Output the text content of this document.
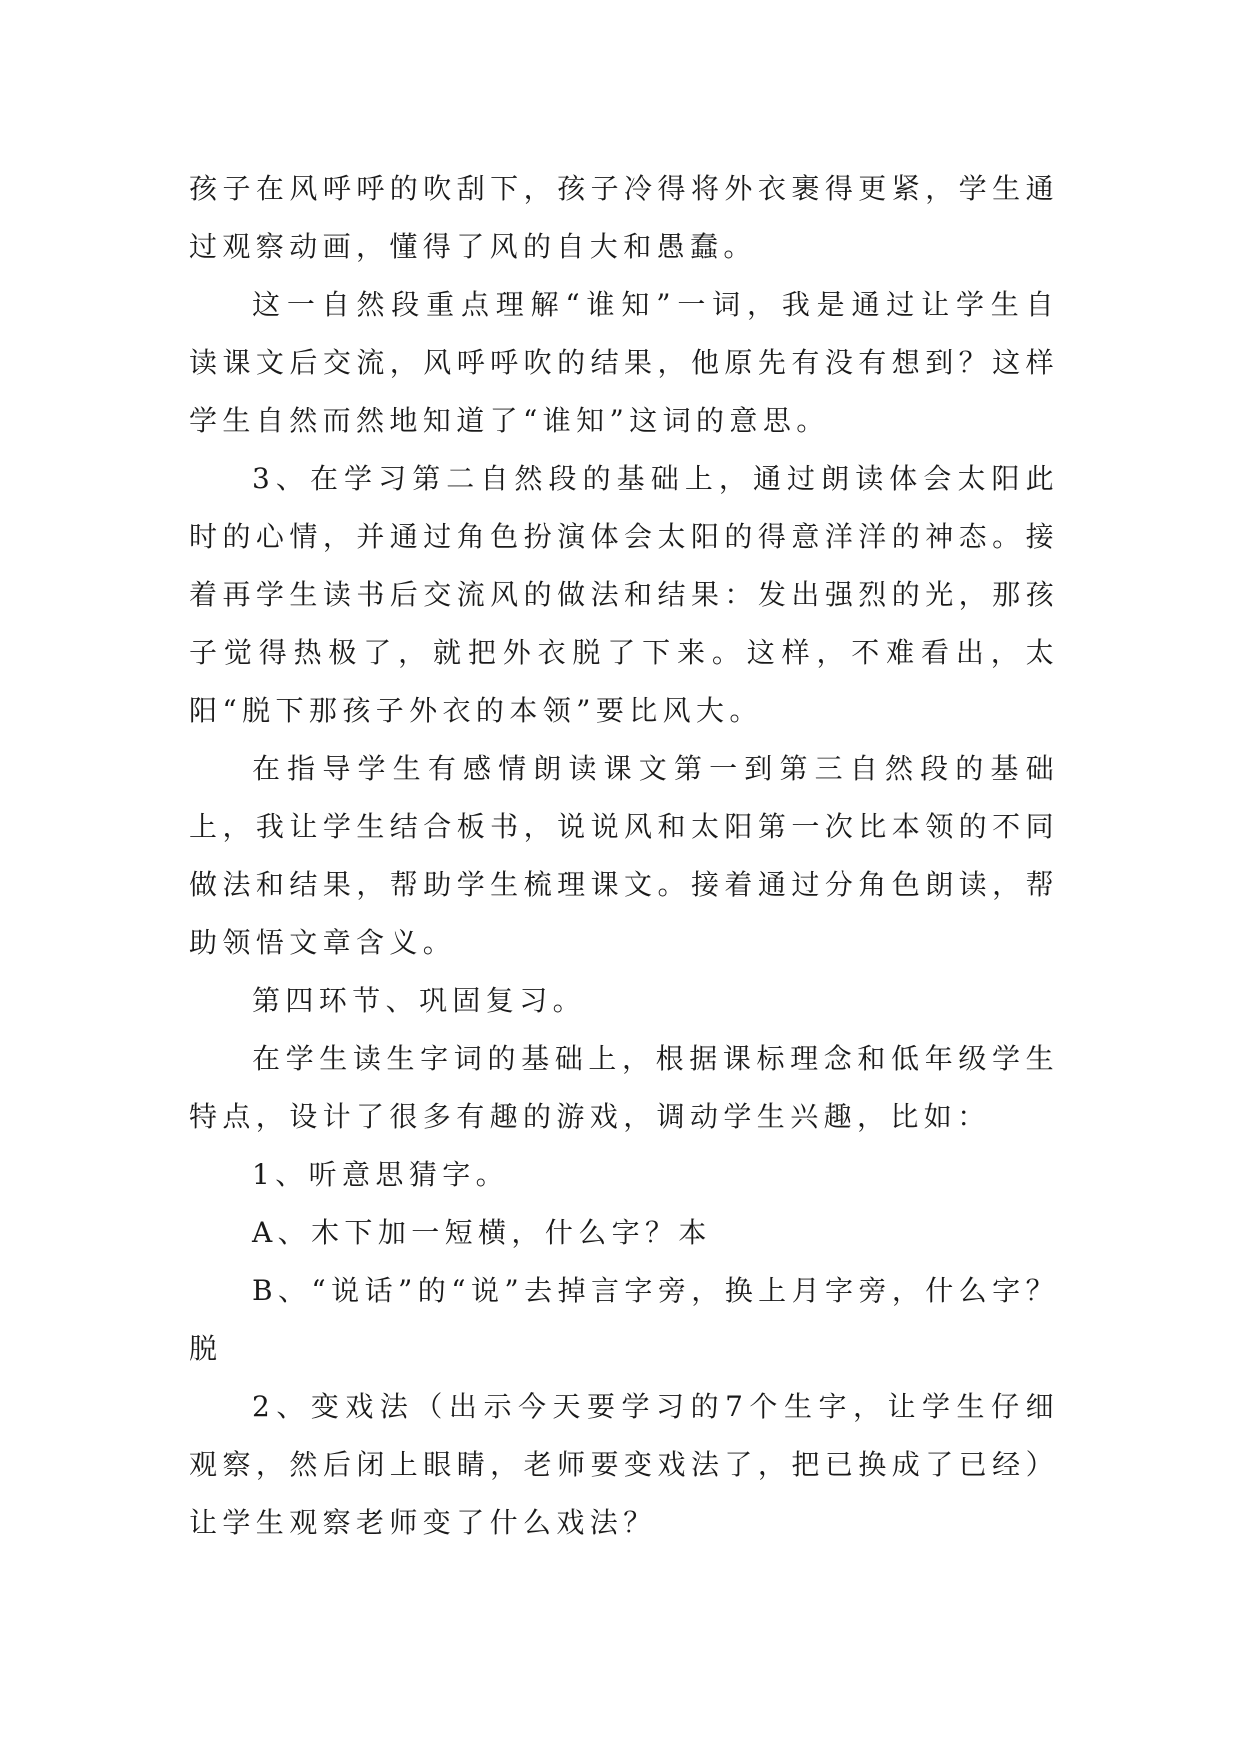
孩子在风呼呼的吹刮下，孩子冷得将外衣裹得更紧，学生通过观察动画，懂得了风的自大和愚蠢。

这一自然段重点理解“谁知”一词，我是通过让学生自读课文后交流，风呼呼吹的结果，他原先有没有想到？这样学生自然而然地知道了“谁知”这词的意思。

3、在学习第二自然段的基础上，通过朗读体会太阳此时的心情，并通过角色扮演体会太阳的得意洋洋的神态。接着再学生读书后交流风的做法和结果：发出强烈的光，那孩子觉得热极了，就把外衣脱了下来。这样，不难看出，太阳“脱下那孩子外衣的本领”要比风大。

在指导学生有感情朗读课文第一到第三自然段的基础上，我让学生结合板书，说说风和太阳第一次比本领的不同做法和结果，帮助学生梳理课文。接着通过分角色朗读，帮助领悟文章含义。

第四环节、巩固复习。

在学生读生字词的基础上，根据课标理念和低年级学生特点，设计了很多有趣的游戏，调动学生兴趣，比如：

1、听意思猜字。

A、木下加一短横，什么字？本

B、“说话”的“说”去掉言字旁，换上月字旁，什么字？脱

2、变戏法（出示今天要学习的7个生字，让学生仔细观察，然后闭上眼睛，老师要变戏法了，把已换成了已经）让学生观察老师变了什么戏法？
